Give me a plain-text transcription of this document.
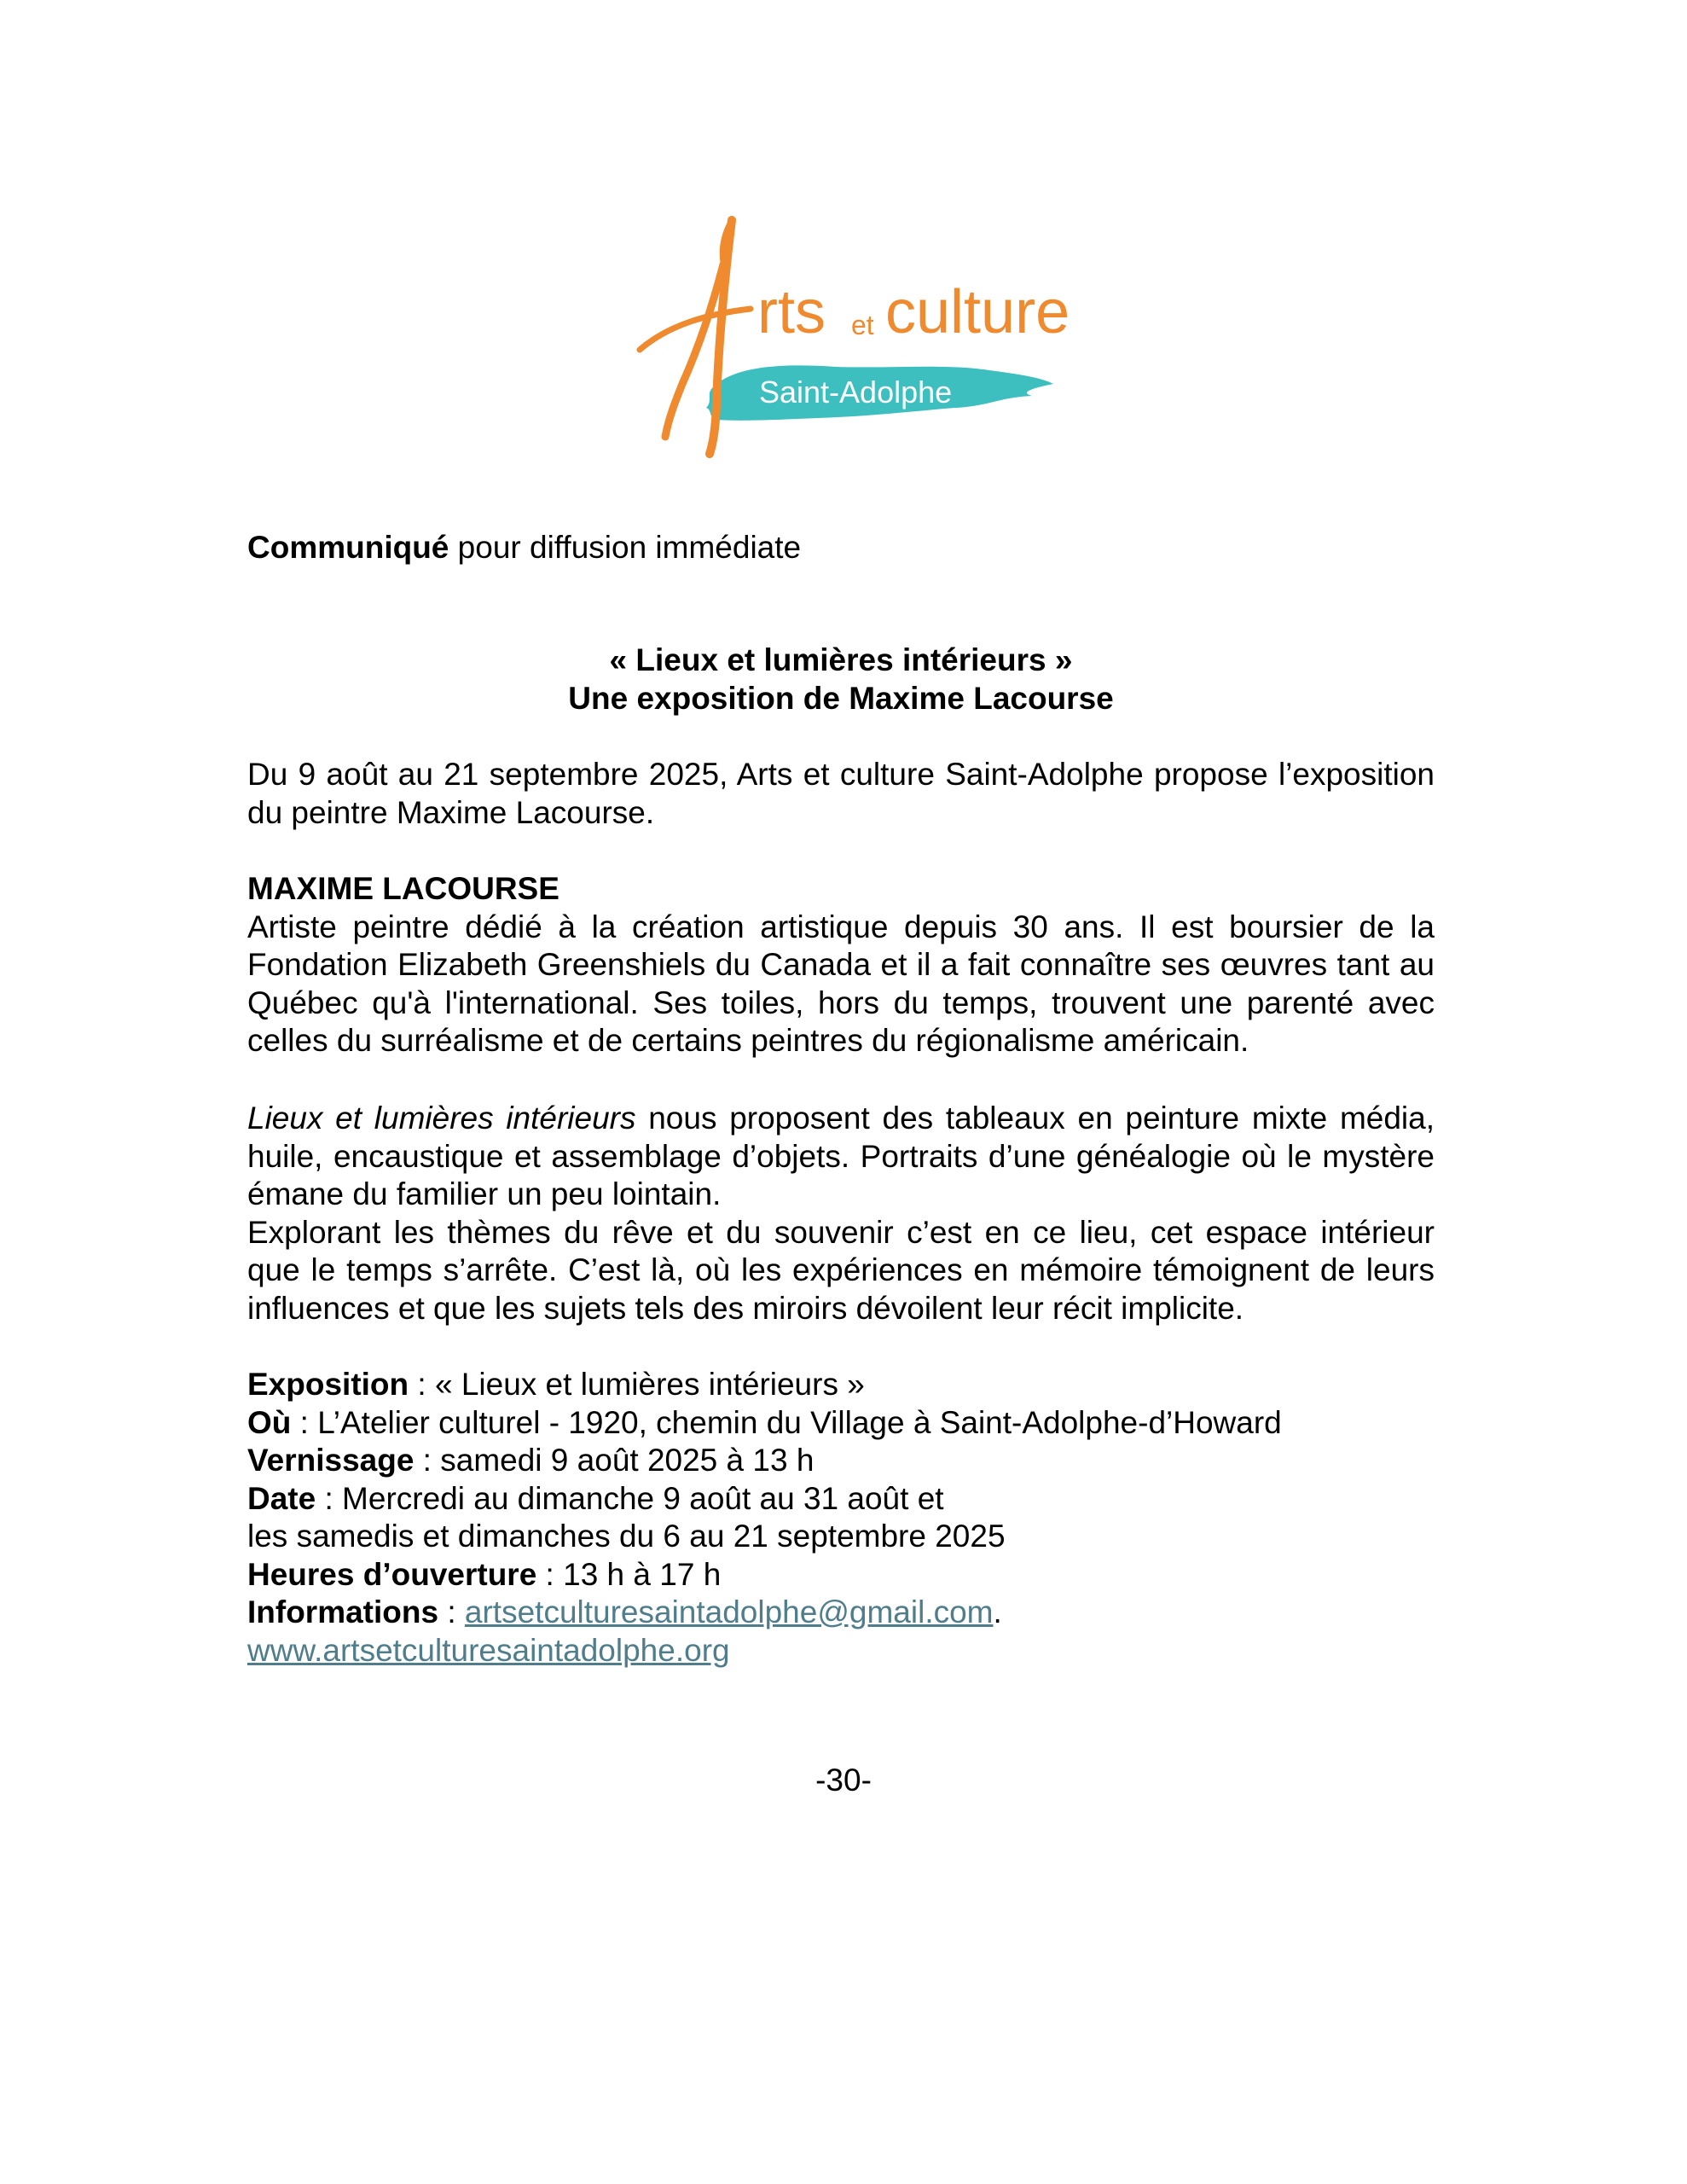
rts et culture
Saint-Adolphe

Communiqué pour diffusion immédiate

« Lieux et lumières intérieurs »

Une exposition de Maxime Lacourse

Du 9 août au 21 septembre 2025, Arts et culture Saint-Adolphe propose l’exposition du peintre Maxime Lacourse.

MAXIME LACOURSE

Artiste peintre dédié à la création artistique depuis 30 ans. Il est boursier de la Fondation Elizabeth Greenshiels du Canada et il a fait connaître ses œuvres tant au Québec qu'à l'international. Ses toiles, hors du temps, trouvent une parenté avec celles du surréalisme et de certains peintres du régionalisme américain.

Lieux et lumières intérieurs nous proposent des tableaux en peinture mixte média, huile, encaustique et assemblage d’objets. Portraits d’une généalogie où le mystère émane du familier un peu lointain.

Explorant les thèmes du rêve et du souvenir c’est en ce lieu, cet espace intérieur que le temps s’arrête. C’est là, où les expériences en mémoire témoignent de leurs influences et que les sujets tels des miroirs dévoilent leur récit implicite.

Exposition : « Lieux et lumières intérieurs »

Où : L’Atelier culturel - 1920, chemin du Village à Saint-Adolphe-d’Howard

Vernissage : samedi 9 août 2025 à 13 h

Date : Mercredi au dimanche 9 août au 31 août et

les samedis et dimanches du 6 au 21 septembre 2025

Heures d’ouverture : 13 h à 17 h

Informations : artsetculturesaintadolphe@gmail.com.

www.artsetculturesaintadolphe.org

-30-
